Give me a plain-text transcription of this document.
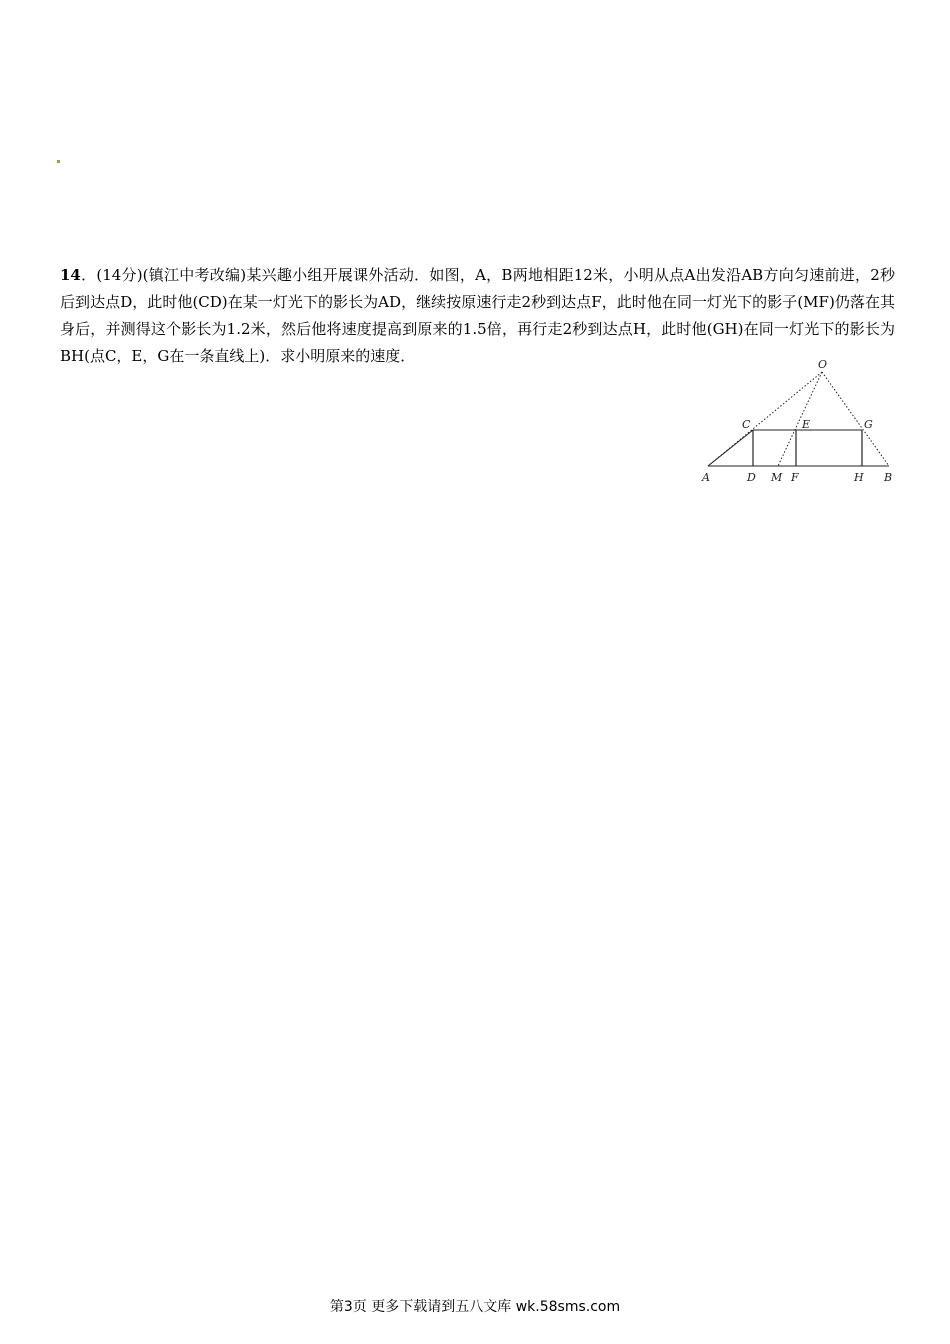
14．(14分)(镇江中考改编)某兴趣小组开展课外活动．如图，A，B两地相距12米，小明从点A出发沿AB方向匀速前进，2秒后到达点D，此时他(CD)在某一灯光下的影长为AD，继续按原速行走2秒到达点F，此时他在同一灯光下的影子(MF)仍落在其身后，并测得这个影长为1.2米，然后他将速度提高到原来的1.5倍，再行走2秒到达点H，此时他(GH)在同一灯光下的影长为BH(点C，E，G在一条直线上)．求小明原来的速度．	O
C	E	G
A	D M F	H B
第3页 更多下载请到五八文库 wk.58sms.com
